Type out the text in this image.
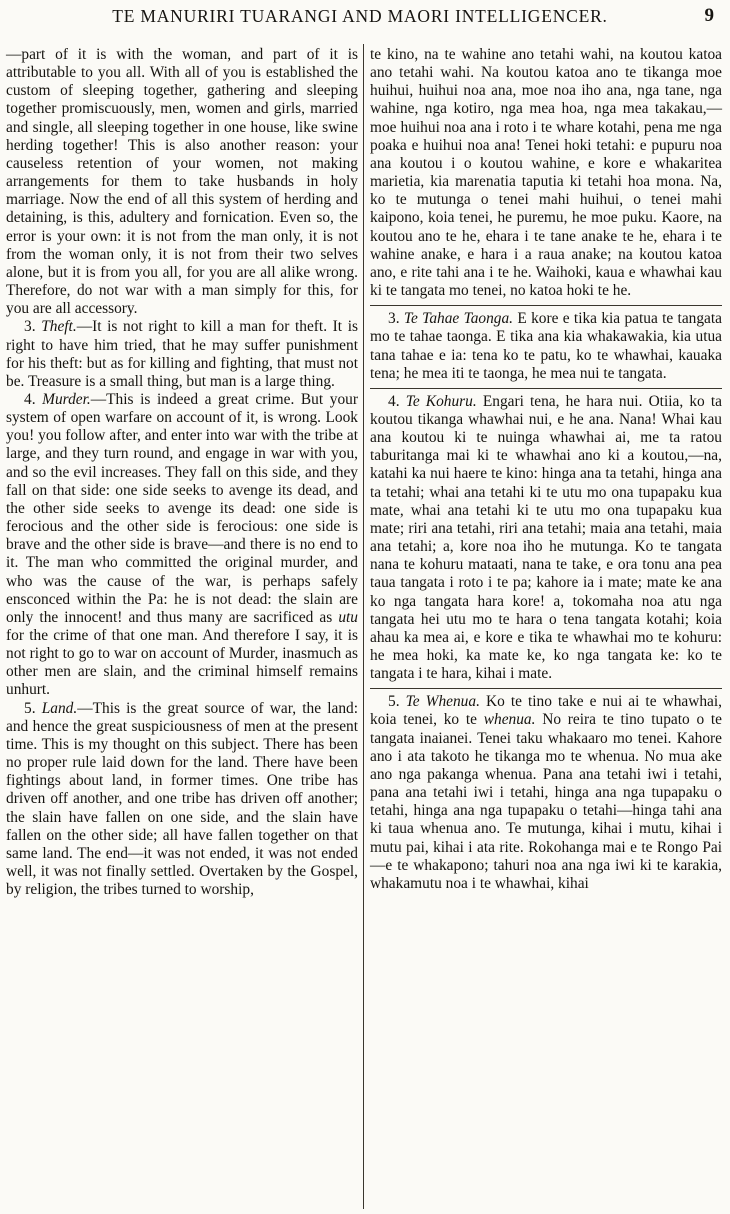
TE MANURIRI TUARANGI AND MAORI INTELLIGENCER.	9

—part of it is with the woman, and part of it is attributable to you all. With all of you is established the custom of sleeping together, gathering and sleeping together promiscuously, men, women and girls, married and single, all sleeping together in one house, like swine herding together! This is also another reason: your causeless retention of your women, not making arrangements for them to take husbands in holy marriage. Now the end of all this system of herding and detaining, is this, adultery and fornication. Even so, the error is your own: it is not from the man only, it is not from the woman only, it is not from their two selves alone, but it is from you all, for you are all alike wrong. Therefore, do not war with a man simply for this, for you are all accessory.

3. Theft.—It is not right to kill a man for theft. It is right to have him tried, that he may suffer punishment for his theft: but as for killing and fighting, that must not be. Treasure is a small thing, but man is a large thing.

4. Murder.—This is indeed a great crime. But your system of open warfare on account of it, is wrong. Look you! you follow after, and enter into war with the tribe at large, and they turn round, and engage in war with you, and so the evil increases. They fall on this side, and they fall on that side: one side seeks to avenge its dead, and the other side seeks to avenge its dead: one side is ferocious and the other side is ferocious: one side is brave and the other side is brave—and there is no end to it. The man who committed the original murder, and who was the cause of the war, is perhaps safely ensconced within the Pa: he is not dead: the slain are only the innocent! and thus many are sacrificed as utu for the crime of that one man. And therefore I say, it is not right to go to war on account of Murder, inasmuch as other men are slain, and the criminal himself remains unhurt.

5. Land.—This is the great source of war, the land: and hence the great suspiciousness of men at the present time. This is my thought on this subject. There has been no proper rule laid down for the land. There have been fightings about land, in former times. One tribe has driven off another, and one tribe has driven off another; the slain have fallen on one side, and the slain have fallen on the other side; all have fallen together on that same land. The end—it was not ended, it was not ended well, it was not finally settled. Overtaken by the Gospel, by religion, the tribes turned to worship,

te kino, na te wahine ano tetahi wahi, na koutou katoa ano tetahi wahi. Na koutou katoa ano te tikanga moe huihui, huihui noa ana, moe noa iho ana, nga tane, nga wahine, nga kotiro, nga mea hoa, nga mea takakau,—moe huihui noa ana i roto i te whare kotahi, pena me nga poaka e huihui noa ana! Tenei hoki tetahi: e pupuru noa ana koutou i o koutou wahine, e kore e whakaritea marietia, kia marenatia taputia ki tetahi hoa mona. Na, ko te mutunga o tenei mahi huihui, o tenei mahi kaipono, koia tenei, he puremu, he moe puku. Kaore, na koutou ano te he, ehara i te tane anake te he, ehara i te wahine anake, e hara i a raua anake; na koutou katoa ano, e rite tahi ana i te he. Waihoki, kaua e whawhai kau ki te tangata mo tenei, no katoa hoki te he.

3. Te Tahae Taonga. E kore e tika kia patua te tangata mo te tahae taonga. E tika ana kia whakawakia, kia utua tana tahae e ia: tena ko te patu, ko te whawhai, kauaka tena; he mea iti te taonga, he mea nui te tangata.

4. Te Kohuru. Engari tena, he hara nui. Otiia, ko ta koutou tikanga whawhai nui, e he ana. Nana! Whai kau ana koutou ki te nuinga whawhai ai, me ta ratou taburitanga mai ki te whawhai ano ki a koutou,—na, katahi ka nui haere te kino: hinga ana ta tetahi, hinga ana ta tetahi; whai ana tetahi ki te utu mo ona tupapaku kua mate, whai ana tetahi ki te utu mo ona tupapaku kua mate; riri ana tetahi, riri ana tetahi; maia ana tetahi, maia ana tetahi; a, kore noa iho he mutunga. Ko te tangata nana te kohuru mataati, nana te take, e ora tonu ana pea taua tangata i roto i te pa; kahore ia i mate; mate ke ana ko nga tangata hara kore! a, tokomaha noa atu nga tangata hei utu mo te hara o tena tangata kotahi; koia ahau ka mea ai, e kore e tika te whawhai mo te kohuru: he mea hoki, ka mate ke, ko nga tangata ke: ko te tangata i te hara, kihai i mate.

5. Te Whenua. Ko te tino take e nui ai te whawhai, koia tenei, ko te whenua. No reira te tino tupato o te tangata inaianei. Tenei taku whakaaro mo tenei. Kahore ano i ata takoto he tikanga mo te whenua. No mua ake ano nga pakanga whenua. Pana ana tetahi iwi i tetahi, pana ana tetahi iwi i tetahi, hinga ana nga tupapaku o tetahi, hinga ana nga tupapaku o tetahi—hinga tahi ana ki taua whenua ano. Te mutunga, kihai i mutu, kihai i mutu pai, kihai i ata rite. Rokohanga mai e te Rongo Pai—e te whakapono; tahuri noa ana nga iwi ki te karakia, whakamutu noa i te whawhai, kihai
